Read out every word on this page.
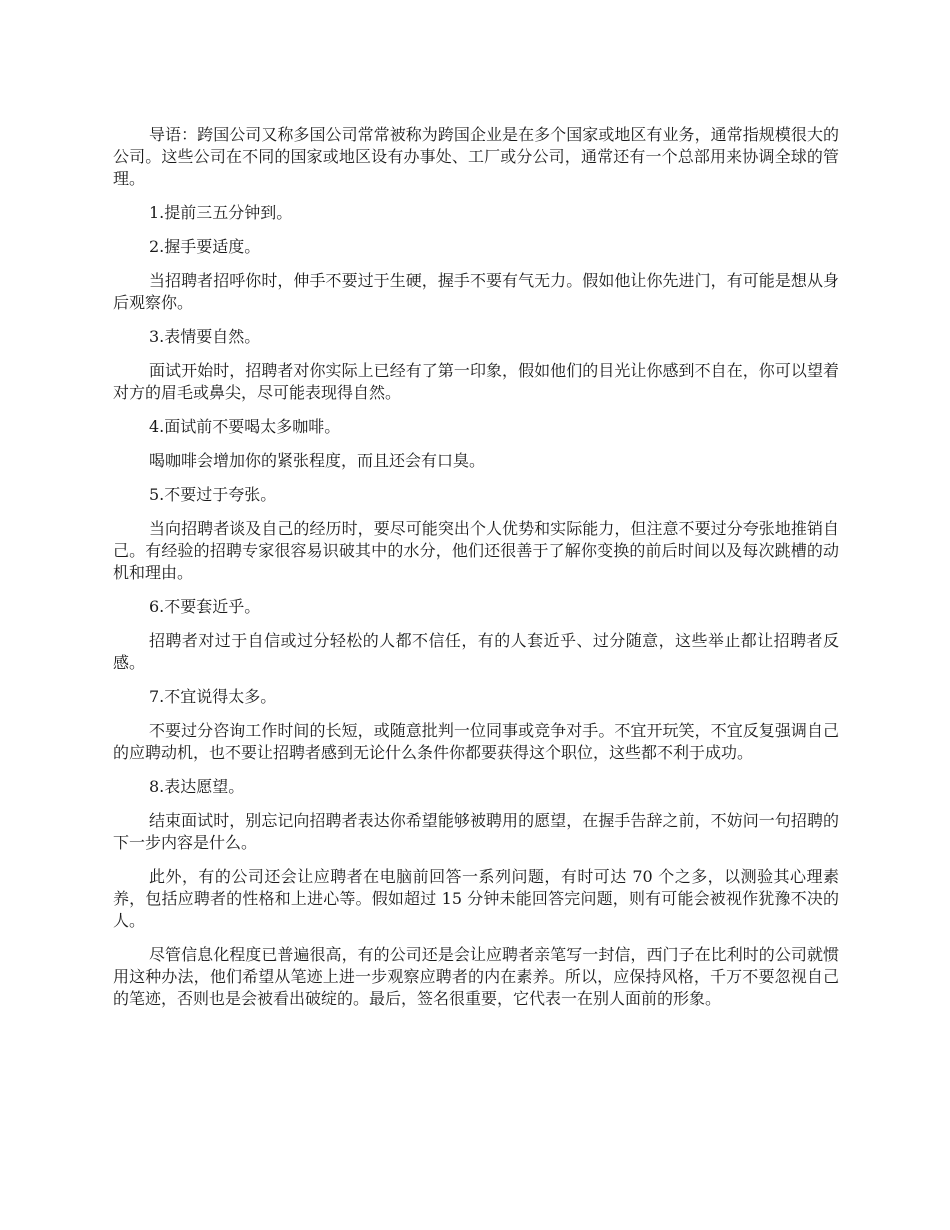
导语：跨国公司又称多国公司常常被称为跨国企业是在多个国家或地区有业务，通常指规模很大的公司。这些公司在不同的国家或地区设有办事处、工厂或分公司，通常还有一个总部用来协调全球的管理。

1.提前三五分钟到。

2.握手要适度。

当招聘者招呼你时，伸手不要过于生硬，握手不要有气无力。假如他让你先进门，有可能是想从身后观察你。

3.表情要自然。

面试开始时，招聘者对你实际上已经有了第一印象，假如他们的目光让你感到不自在，你可以望着对方的眉毛或鼻尖，尽可能表现得自然。

4.面试前不要喝太多咖啡。

喝咖啡会增加你的紧张程度，而且还会有口臭。

5.不要过于夸张。

当向招聘者谈及自己的经历时，要尽可能突出个人优势和实际能力，但注意不要过分夸张地推销自己。有经验的招聘专家很容易识破其中的水分，他们还很善于了解你变换的前后时间以及每次跳槽的动机和理由。

6.不要套近乎。

招聘者对过于自信或过分轻松的人都不信任，有的人套近乎、过分随意，这些举止都让招聘者反感。

7.不宜说得太多。

不要过分咨询工作时间的长短，或随意批判一位同事或竞争对手。不宜开玩笑，不宜反复强调自己的应聘动机，也不要让招聘者感到无论什么条件你都要获得这个职位，这些都不利于成功。

8.表达愿望。

结束面试时，别忘记向招聘者表达你希望能够被聘用的愿望，在握手告辞之前，不妨问一句招聘的下一步内容是什么。

此外，有的公司还会让应聘者在电脑前回答一系列问题，有时可达 70 个之多，以测验其心理素养，包括应聘者的性格和上进心等。假如超过 15 分钟未能回答完问题，则有可能会被视作犹豫不决的人。

尽管信息化程度已普遍很高，有的公司还是会让应聘者亲笔写一封信，西门子在比利时的公司就惯用这种办法，他们希望从笔迹上进一步观察应聘者的内在素养。所以，应保持风格，千万不要忽视自己的笔迹，否则也是会被看出破绽的。最后，签名很重要，它代表一在别人面前的形象。
